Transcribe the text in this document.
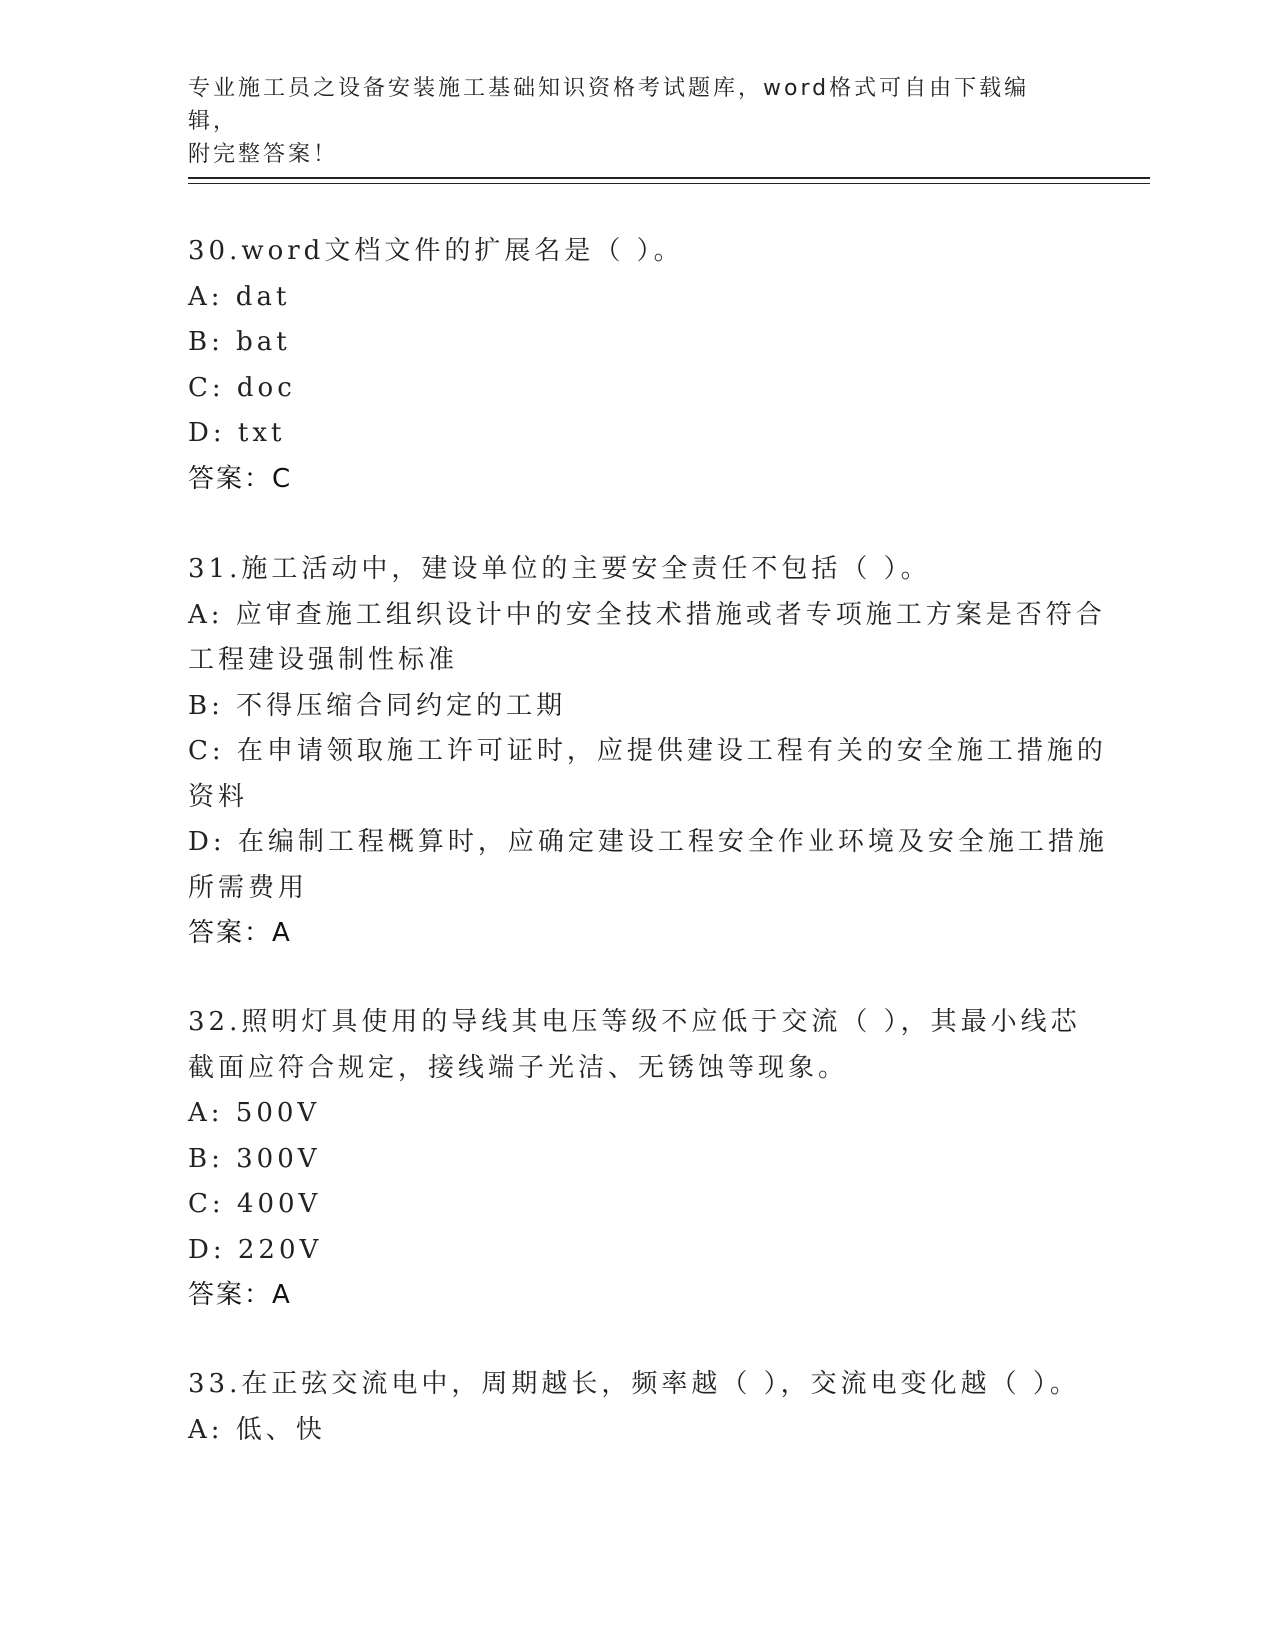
专业施工员之设备安装施工基础知识资格考试题库，word格式可自由下载编辑，
附完整答案！
30.word文档文件的扩展名是（ ）。
A: dat
B: bat
C: doc
D: txt
答案：C
31.施工活动中，建设单位的主要安全责任不包括（ ）。
A: 应审查施工组织设计中的安全技术措施或者专项施工方案是否符合
工程建设强制性标准
B: 不得压缩合同约定的工期
C: 在申请领取施工许可证时，应提供建设工程有关的安全施工措施的
资料
D: 在编制工程概算时，应确定建设工程安全作业环境及安全施工措施
所需费用
答案：A
32.照明灯具使用的导线其电压等级不应低于交流（ ），其最小线芯
截面应符合规定，接线端子光洁、无锈蚀等现象。
A: 500V
B: 300V
C: 400V
D: 220V
答案：A
33.在正弦交流电中，周期越长，频率越（ ），交流电变化越（ ）。
A: 低、快
